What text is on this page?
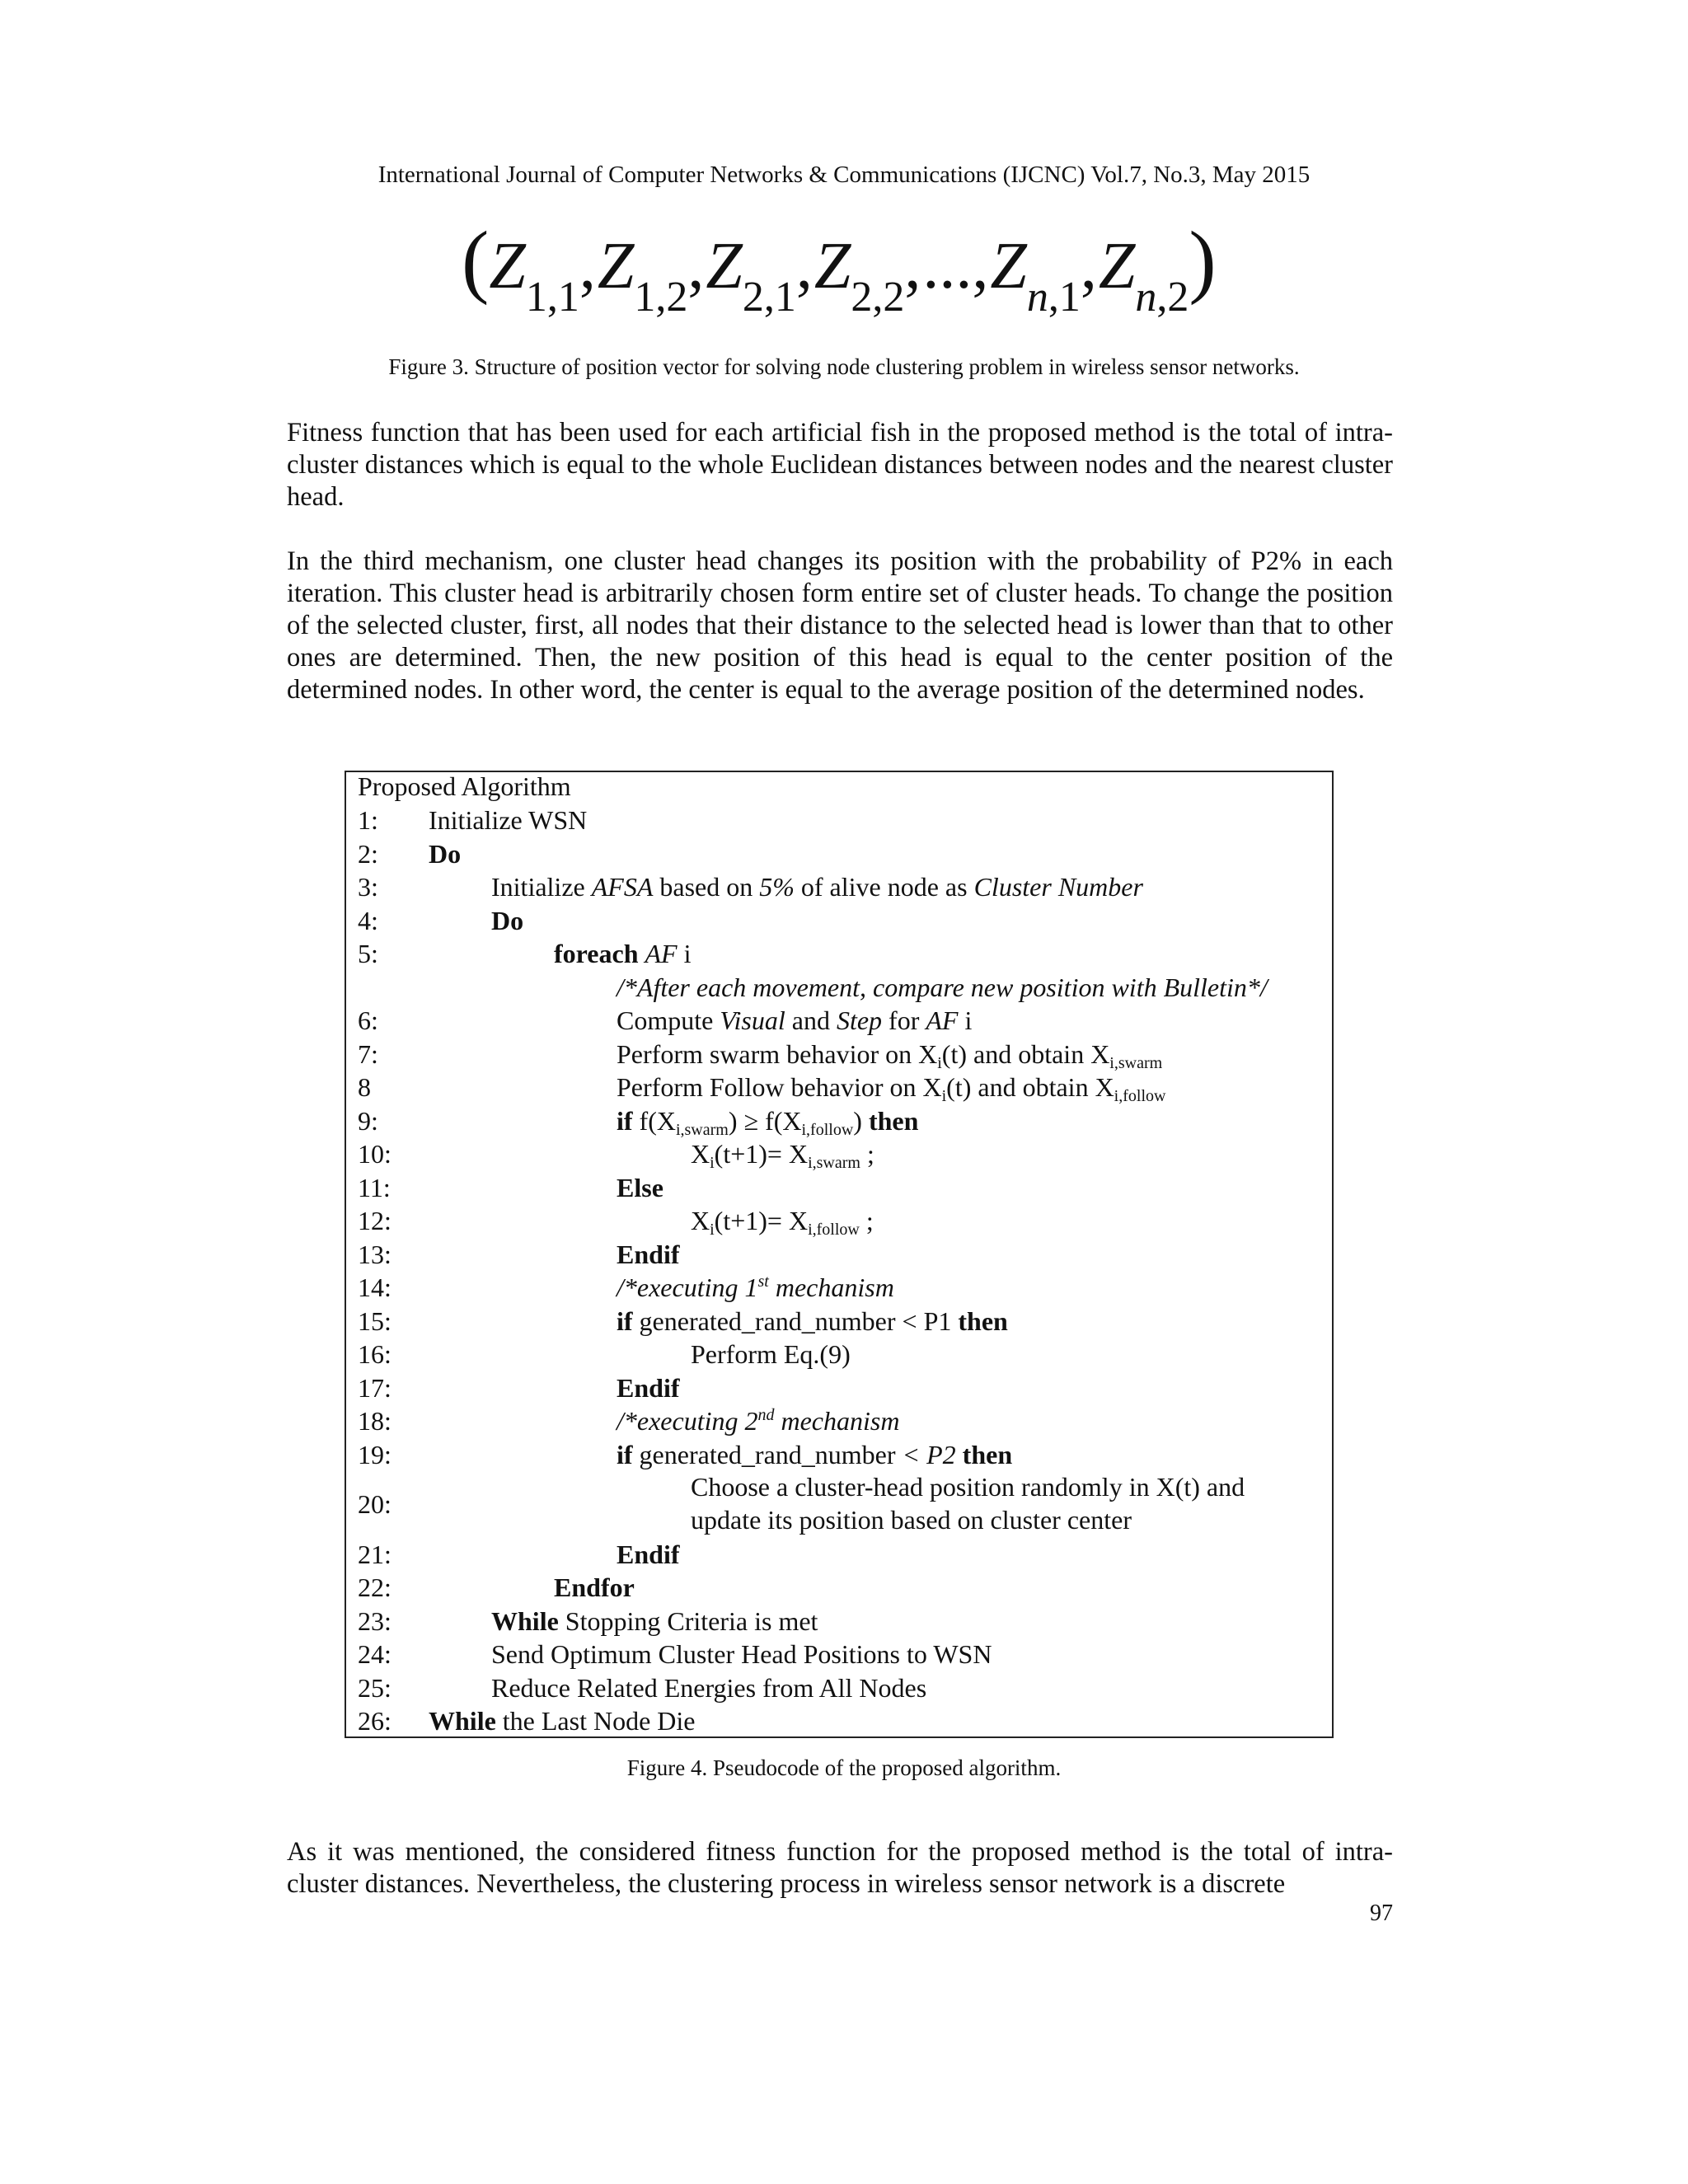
International Journal of Computer Networks & Communications (IJCNC) Vol.7, No.3, May 2015
$(Z_{1,1},Z_{1,2},Z_{2,1},Z_{2,2},...,Z_{n,1},Z_{n,2})$
Figure 3. Structure of position vector for solving node clustering problem in wireless sensor networks.
Fitness function that has been used for each artificial fish in the proposed method is the total of intra-cluster distances which is equal to the whole Euclidean distances between nodes and the nearest cluster head.
In the third mechanism, one cluster head changes its position with the probability of P2% in each iteration. This cluster head is arbitrarily chosen form entire set of cluster heads. To change the position of the selected cluster, first, all nodes that their distance to the selected head is lower than that to other ones are determined. Then, the new position of this head is equal to the center position of the determined nodes. In other word, the center is equal to the average position of the determined nodes.
Proposed Algorithm
1:	Initialize WSN
2:	Do
3:	Initialize AFSA based on 5% of alive node as Cluster Number
4:	Do
5:	foreach AF i
/*After each movement, compare new position with Bulletin*/
6:	Compute Visual and Step for AF i
7:	Perform swarm behavior on $X_i(t)$ and obtain $X_{i,swarm}$
8	Perform Follow behavior on $X_i(t)$ and obtain $X_{i,follow}$
9:	if $f(X_{i,swarm}) \ge f(X_{i,follow})$ then
10:	$X_i(t+1)= X_{i,swarm}$ ;
11:	Else
12:	$X_i(t+1)= X_{i,follow}$ ;
13:	Endif
14:	/*executing 1st mechanism
15:	if generated_rand_number < P1 then
16:	Perform Eq.(9)
17:	Endif
18:	/*executing 2nd mechanism
19:	if generated_rand_number < P2 then
20:
Choose a cluster-head position randomly in X(t) and
update its position based on cluster center
21:	Endif
22:	Endfor
23:	While Stopping Criteria is met
24:	Send Optimum Cluster Head Positions to WSN
25:	Reduce Related Energies from All Nodes
26:	While the Last Node Die
Figure 4. Pseudocode of the proposed algorithm.
As it was mentioned, the considered fitness function for the proposed method is the total of intra-cluster distances. Nevertheless, the clustering process in wireless sensor network is a discrete
97
